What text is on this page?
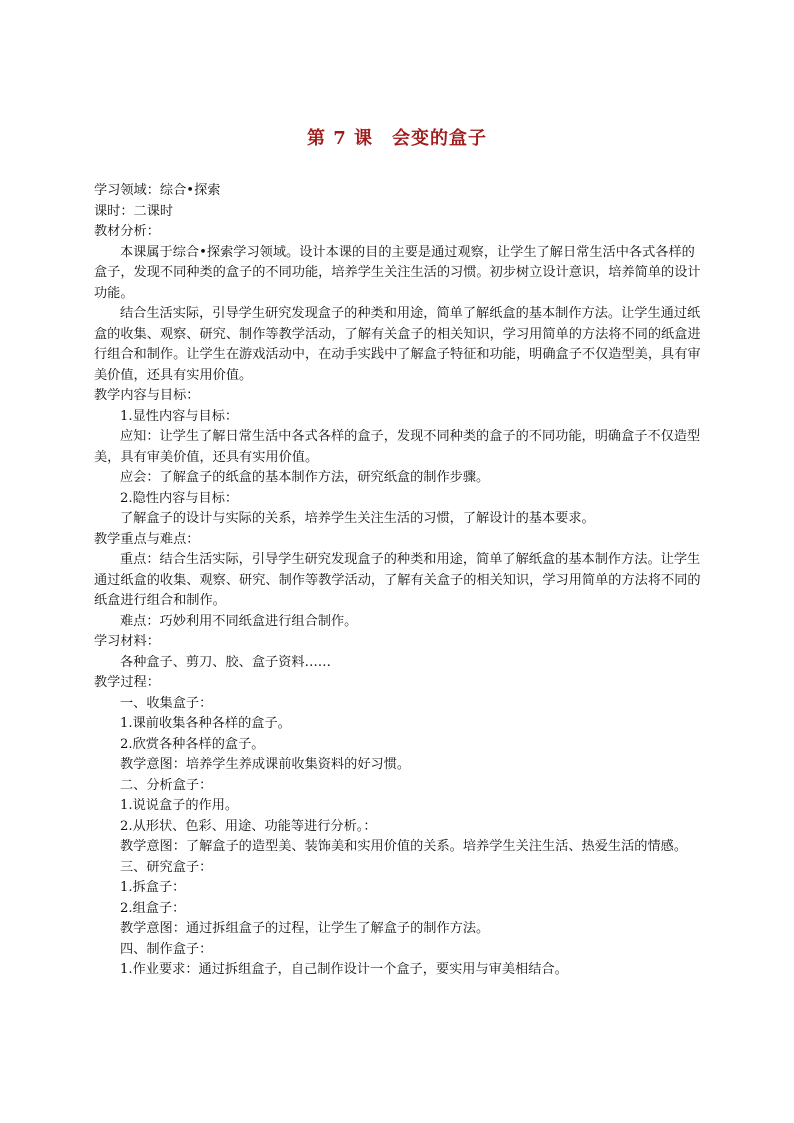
第 7 课　会变的盒子

学习领域：综合•探索

课时：二课时

教材分析：

本课属于综合•探索学习领域。设计本课的目的主要是通过观察，让学生了解日常生活中各式各样的盒子，发现不同种类的盒子的不同功能，培养学生关注生活的习惯。初步树立设计意识，培养简单的设计功能。

结合生活实际，引导学生研究发现盒子的种类和用途，简单了解纸盒的基本制作方法。让学生通过纸盒的收集、观察、研究、制作等教学活动，了解有关盒子的相关知识，学习用简单的方法将不同的纸盒进行组合和制作。让学生在游戏活动中，在动手实践中了解盒子特征和功能，明确盒子不仅造型美，具有审美价值，还具有实用价值。

教学内容与目标：

1.显性内容与目标：

应知：让学生了解日常生活中各式各样的盒子，发现不同种类的盒子的不同功能，明确盒子不仅造型美，具有审美价值，还具有实用价值。

应会：了解盒子的纸盒的基本制作方法，研究纸盒的制作步骤。

2.隐性内容与目标：

了解盒子的设计与实际的关系，培养学生关注生活的习惯，了解设计的基本要求。

教学重点与难点：

重点：结合生活实际，引导学生研究发现盒子的种类和用途，简单了解纸盒的基本制作方法。让学生通过纸盒的收集、观察、研究、制作等教学活动，了解有关盒子的相关知识，学习用简单的方法将不同的纸盒进行组合和制作。

难点：巧妙利用不同纸盒进行组合制作。

学习材料：

各种盒子、剪刀、胶、盒子资料……

教学过程：

一、收集盒子：

1.课前收集各种各样的盒子。

2.欣赏各种各样的盒子。

教学意图：培养学生养成课前收集资料的好习惯。

二、分析盒子：

1.说说盒子的作用。

2.从形状、色彩、用途、功能等进行分析。：

教学意图：了解盒子的造型美、装饰美和实用价值的关系。培养学生关注生活、热爱生活的情感。

三、研究盒子：

1.拆盒子：

2.组盒子：

教学意图：通过拆组盒子的过程，让学生了解盒子的制作方法。

四、制作盒子：

1.作业要求：通过拆组盒子，自己制作设计一个盒子，要实用与审美相结合。
